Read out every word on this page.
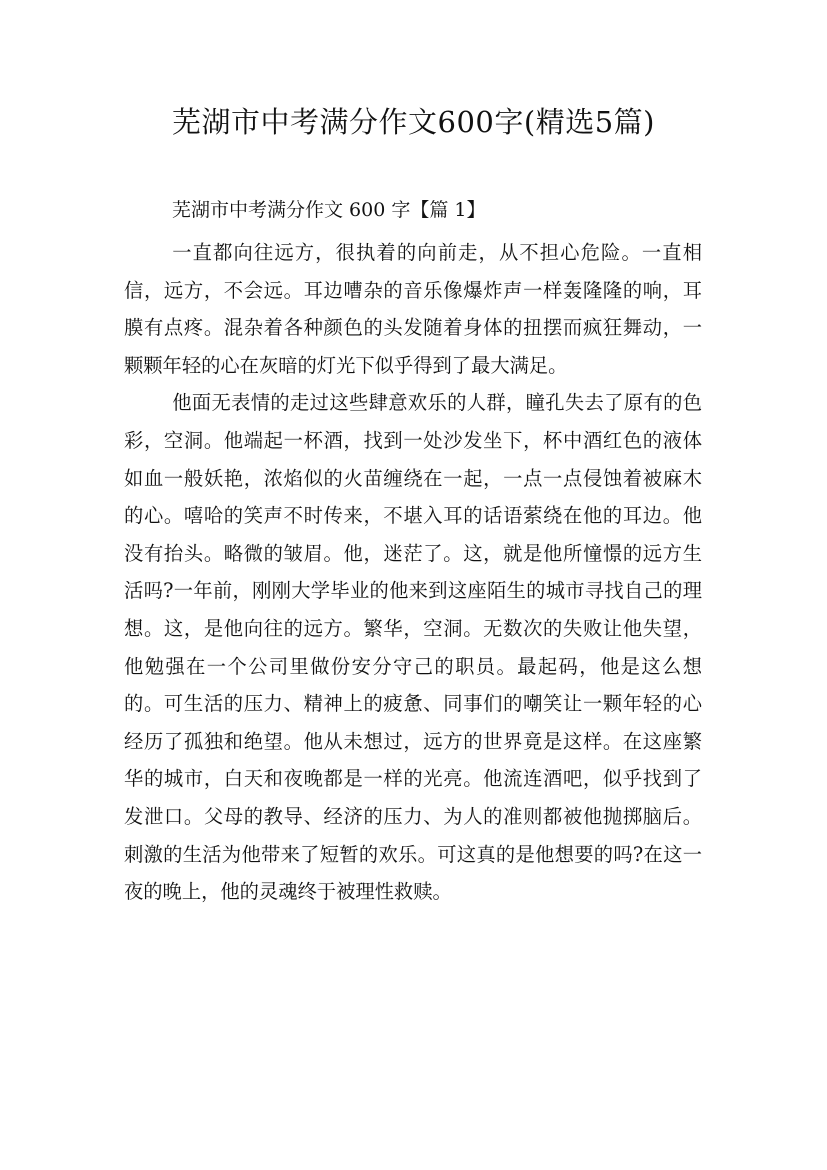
芜湖市中考满分作文600字(精选5篇)

芜湖市中考满分作文 600 字【篇 1】

一直都向往远方，很执着的向前走，从不担心危险。一直相信，远方，不会远。耳边嘈杂的音乐像爆炸声一样轰隆隆的响，耳膜有点疼。混杂着各种颜色的头发随着身体的扭摆而疯狂舞动，一颗颗年轻的心在灰暗的灯光下似乎得到了最大满足。

他面无表情的走过这些肆意欢乐的人群，瞳孔失去了原有的色彩，空洞。他端起一杯酒，找到一处沙发坐下，杯中酒红色的液体如血一般妖艳，浓焰似的火苗缠绕在一起，一点一点侵蚀着被麻木的心。嘻哈的笑声不时传来，不堪入耳的话语萦绕在他的耳边。他没有抬头。略微的皱眉。他，迷茫了。这，就是他所憧憬的远方生活吗?一年前，刚刚大学毕业的他来到这座陌生的城市寻找自己的理想。这，是他向往的远方。繁华，空洞。无数次的失败让他失望，他勉强在一个公司里做份安分守己的职员。最起码，他是这么想的。可生活的压力、精神上的疲惫、同事们的嘲笑让一颗年轻的心经历了孤独和绝望。他从未想过，远方的世界竟是这样。在这座繁华的城市，白天和夜晚都是一样的光亮。他流连酒吧，似乎找到了发泄口。父母的教导、经济的压力、为人的准则都被他抛掷脑后。刺激的生活为他带来了短暂的欢乐。可这真的是他想要的吗?在这一夜的晚上，他的灵魂终于被理性救赎。
